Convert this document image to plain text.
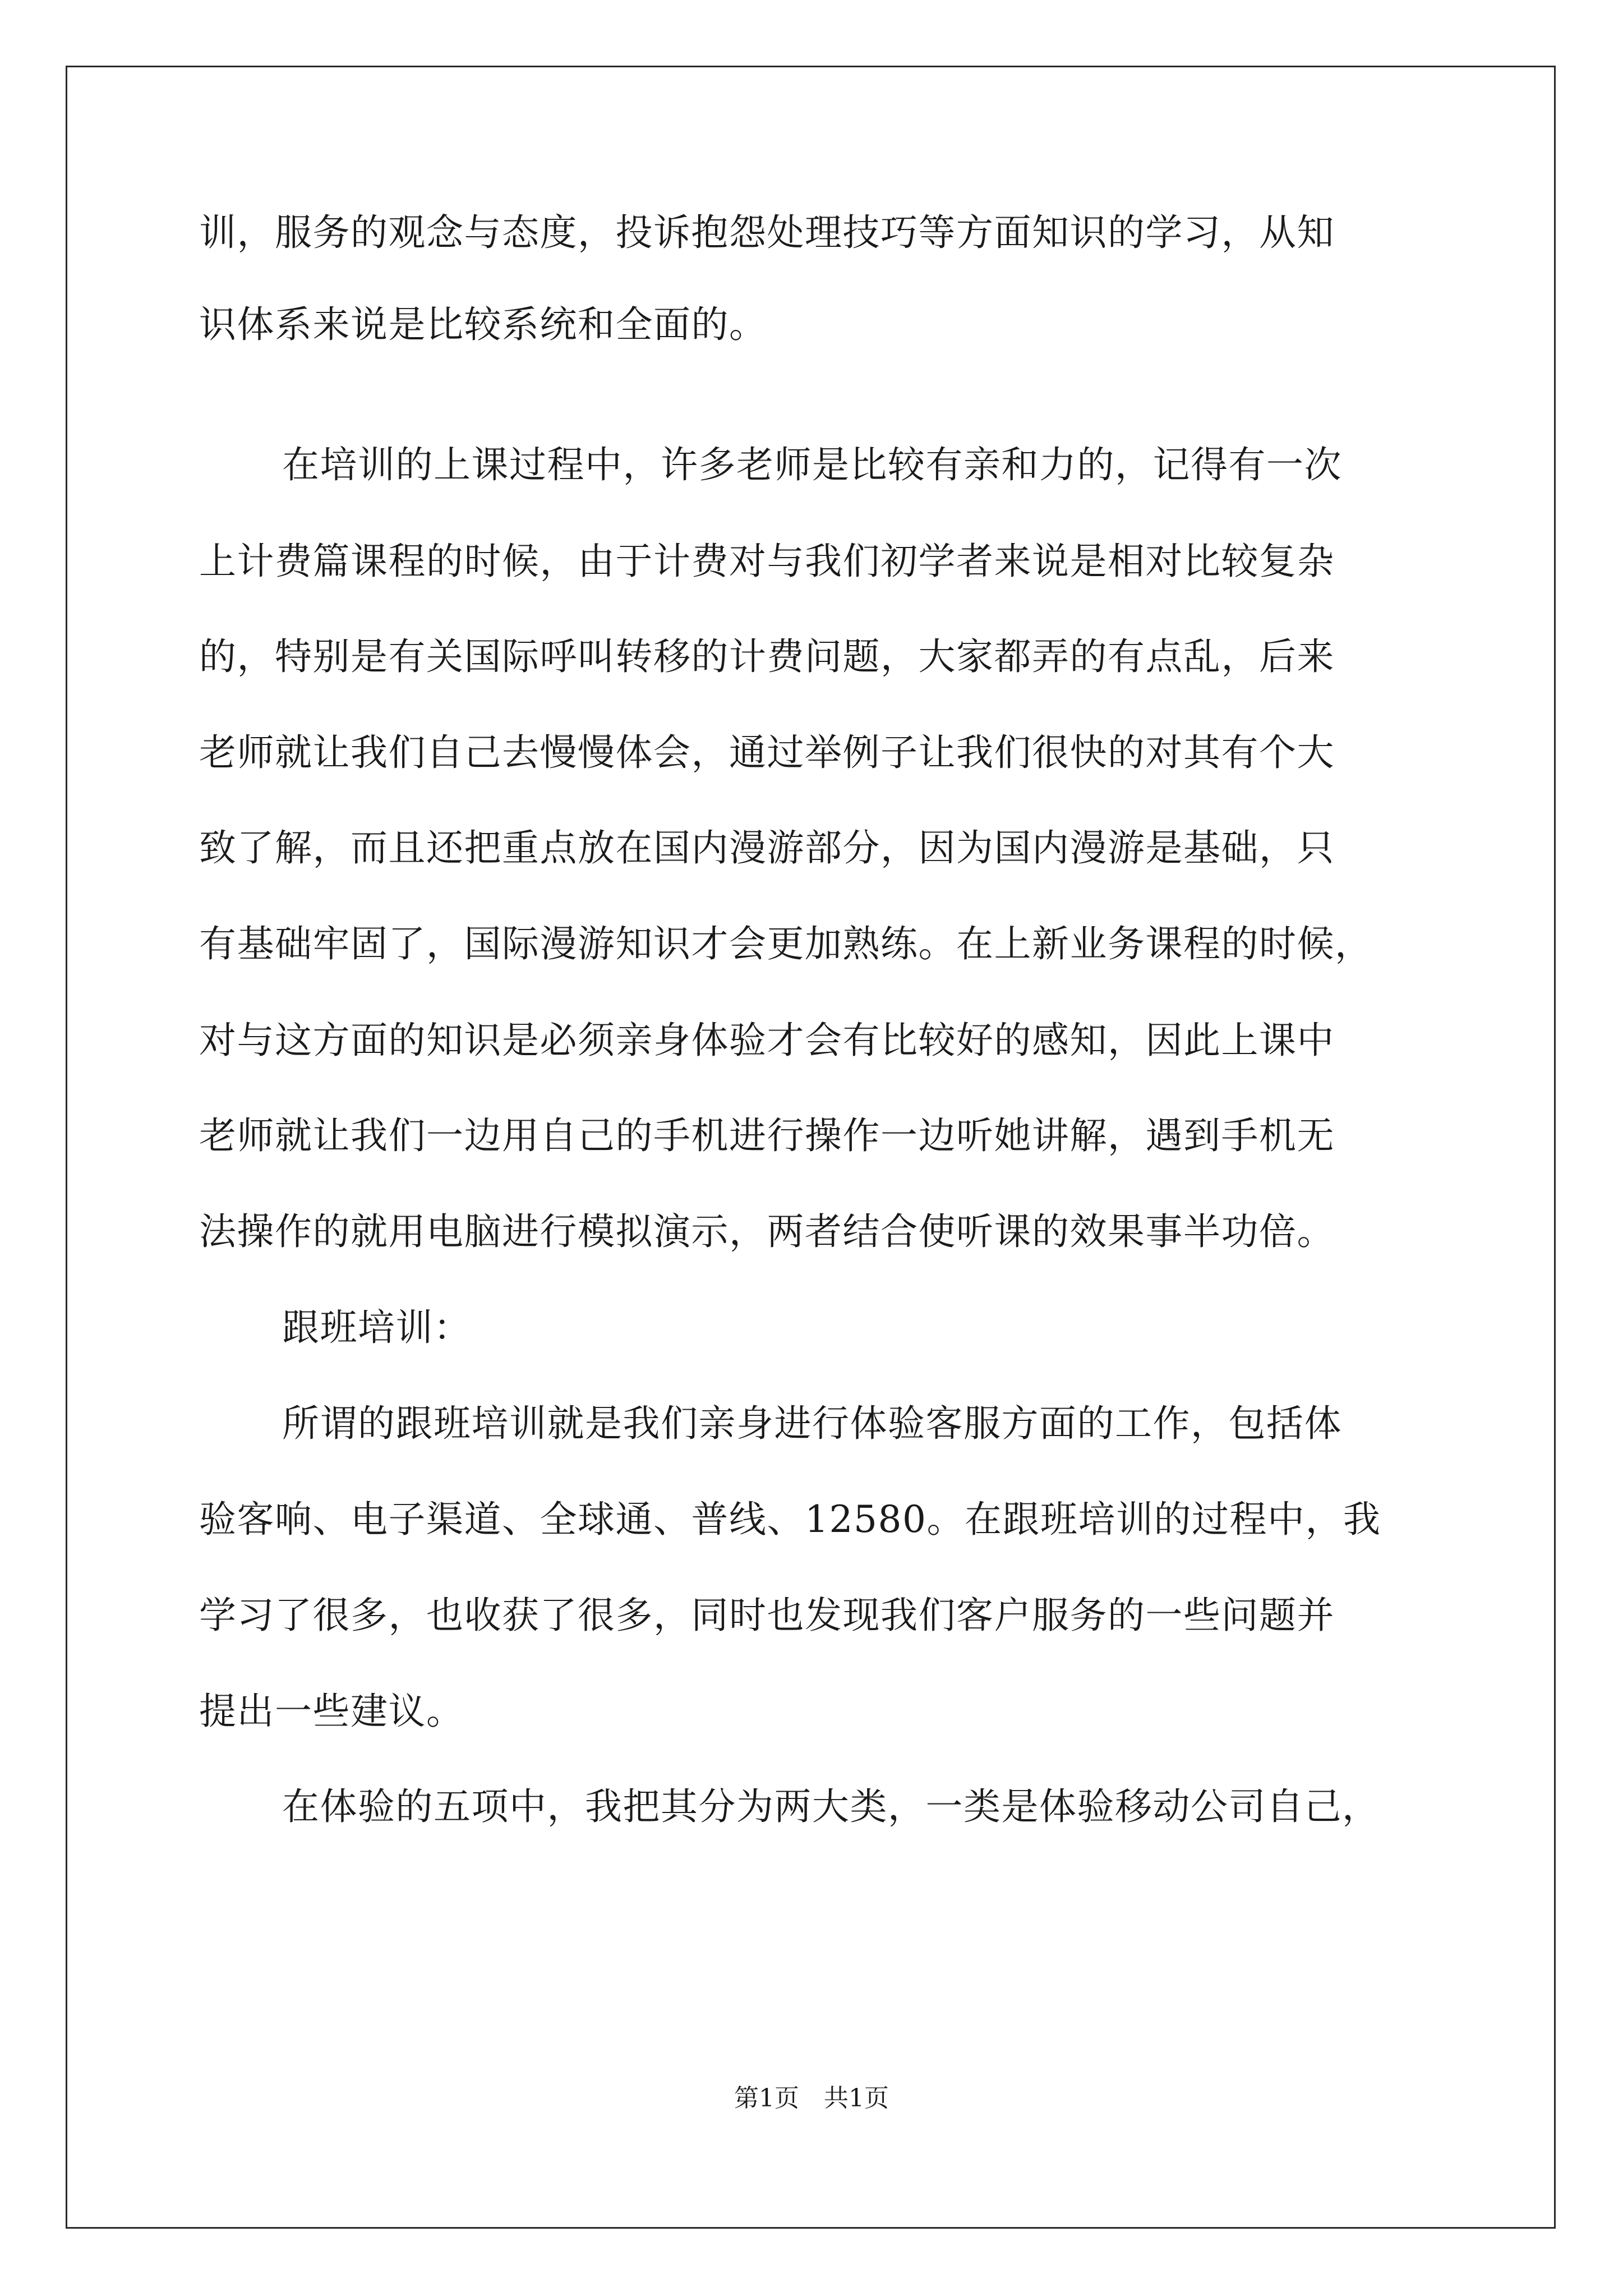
训，服务的观念与态度，投诉抱怨处理技巧等方面知识的学习，从知
识体系来说是比较系统和全面的。
在培训的上课过程中，许多老师是比较有亲和力的，记得有一次
上计费篇课程的时候，由于计费对与我们初学者来说是相对比较复杂
的，特别是有关国际呼叫转移的计费问题，大家都弄的有点乱，后来
老师就让我们自己去慢慢体会，通过举例子让我们很快的对其有个大
致了解，而且还把重点放在国内漫游部分，因为国内漫游是基础，只
有基础牢固了，国际漫游知识才会更加熟练。在上新业务课程的时候，
对与这方面的知识是必须亲身体验才会有比较好的感知，因此上课中
老师就让我们一边用自己的手机进行操作一边听她讲解，遇到手机无
法操作的就用电脑进行模拟演示，两者结合使听课的效果事半功倍。
跟班培训：
所谓的跟班培训就是我们亲身进行体验客服方面的工作，包括体
验客响、电子渠道、全球通、普线、12580。在跟班培训的过程中，我
学习了很多，也收获了很多，同时也发现我们客户服务的一些问题并
提出一些建议。
在体验的五项中，我把其分为两大类，一类是体验移动公司自己，
第1页　共1页
